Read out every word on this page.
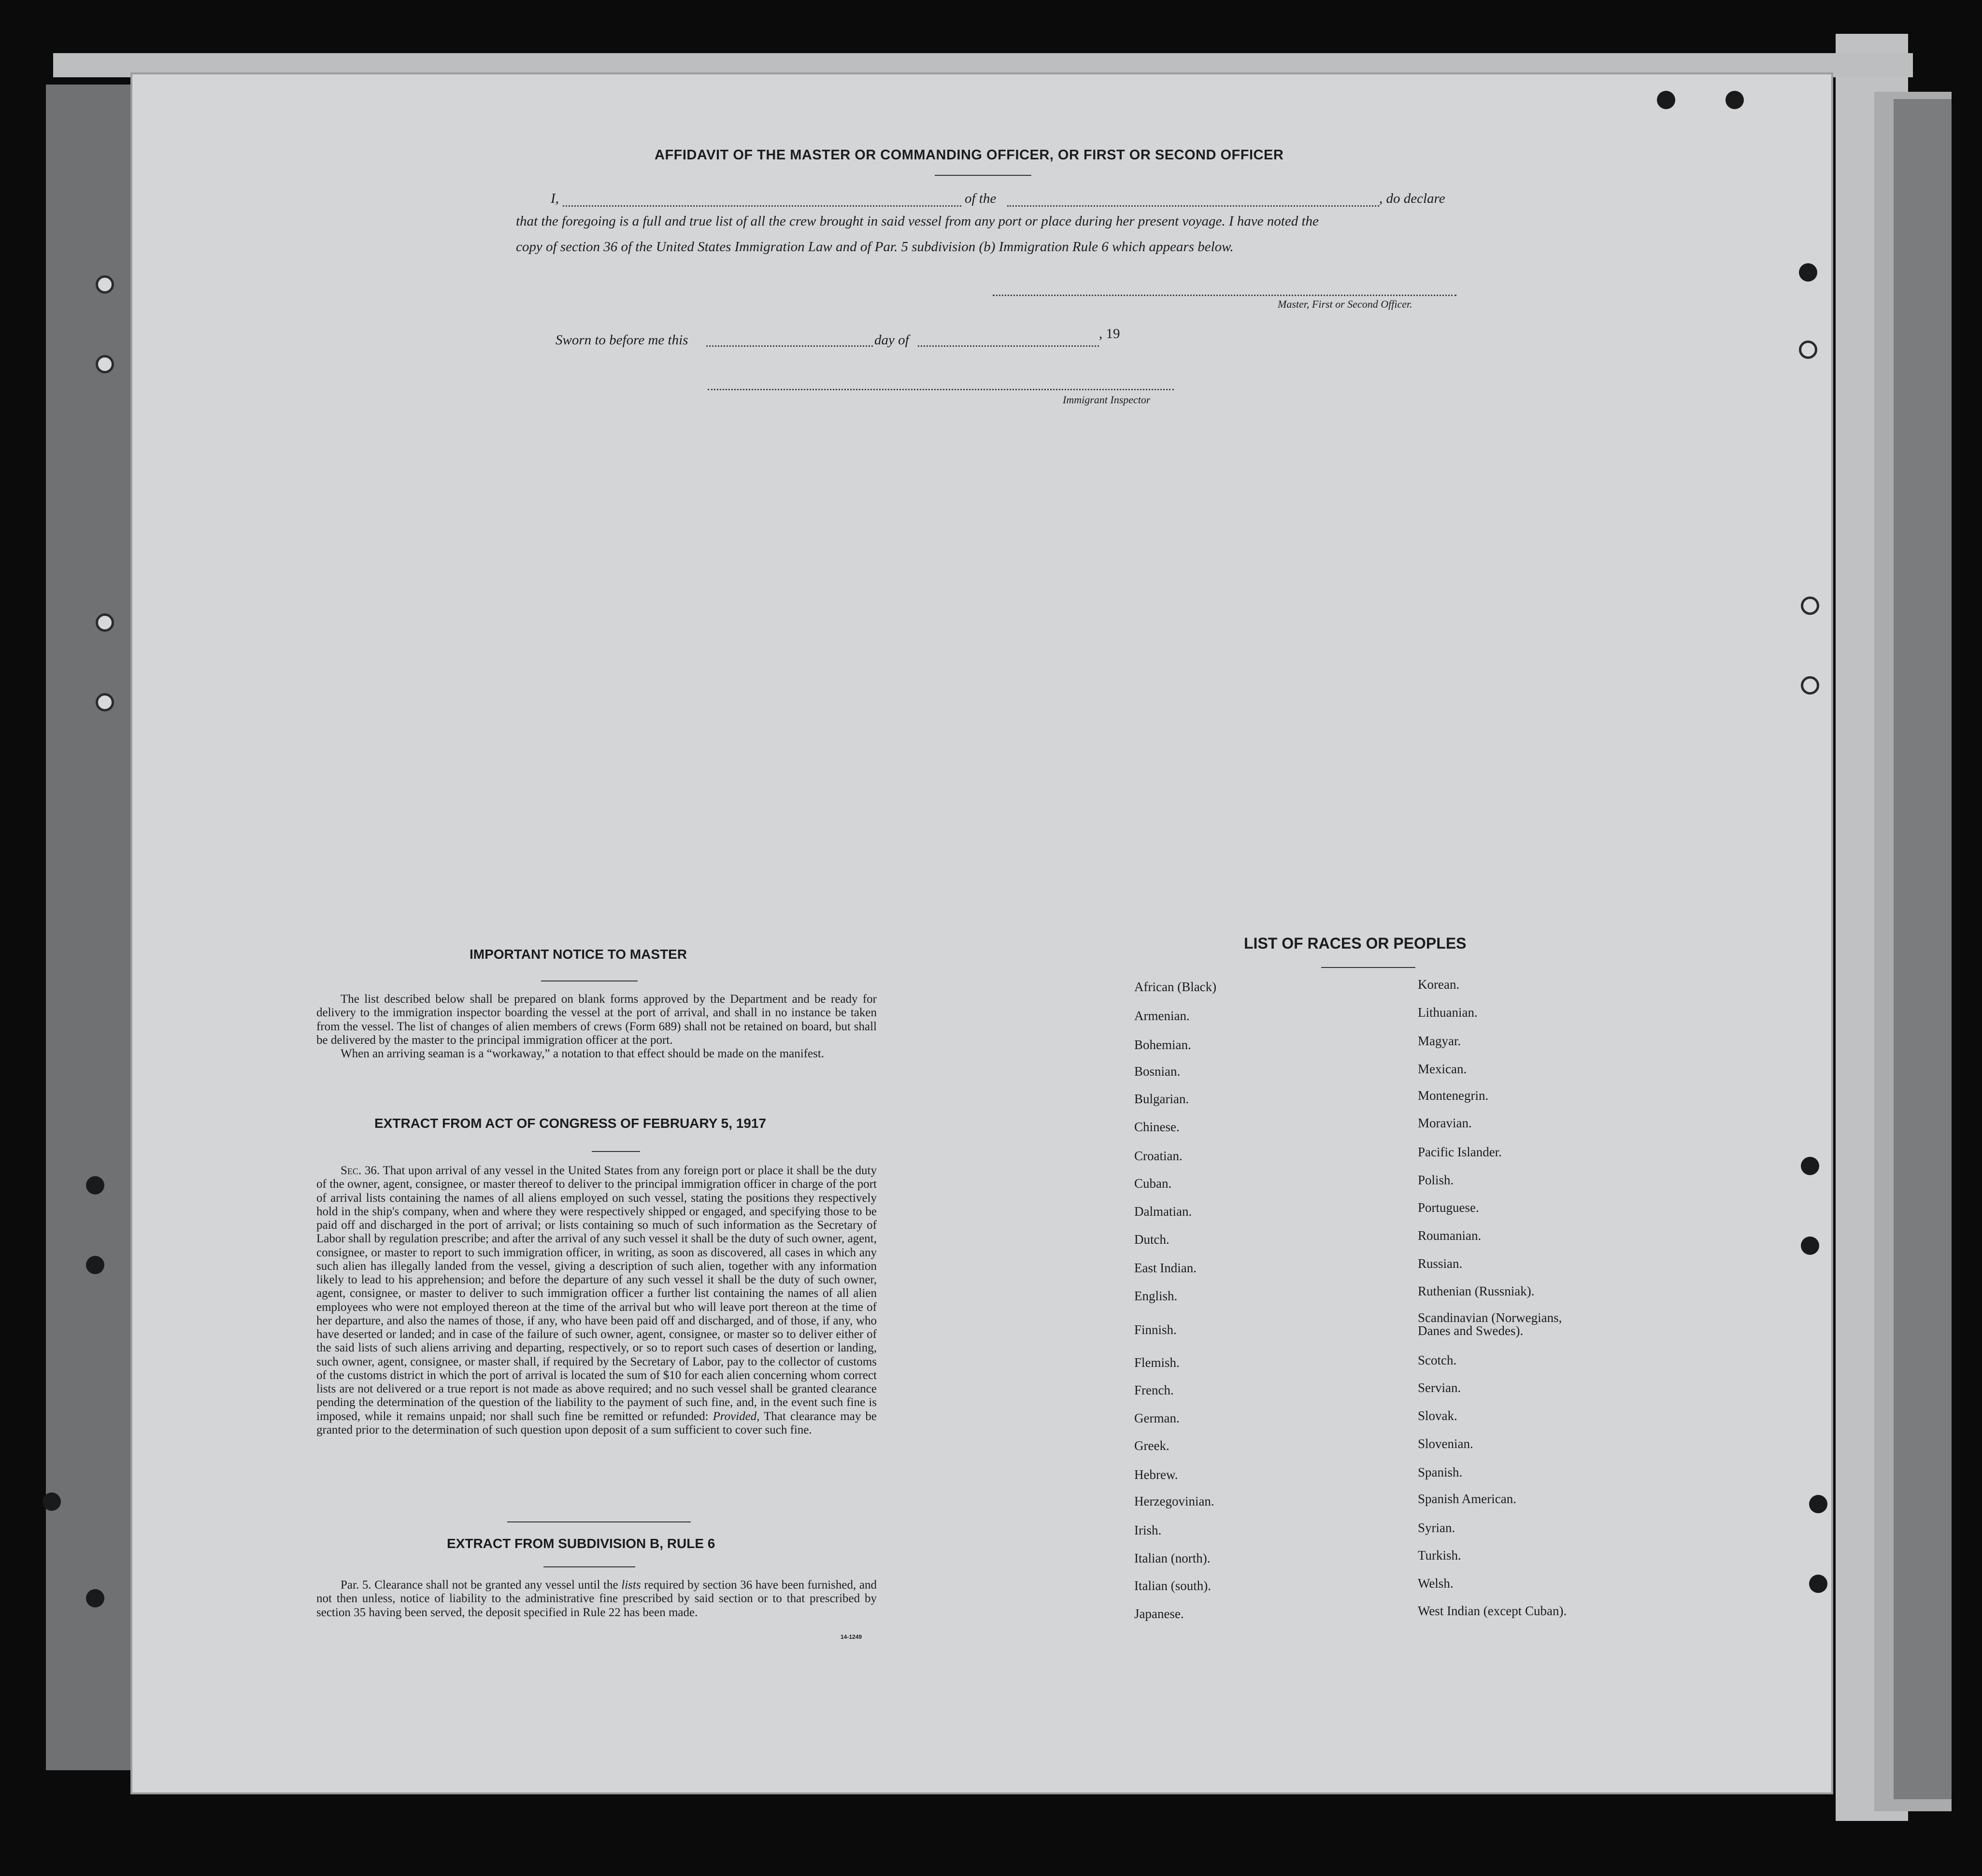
AFFIDAVIT OF THE MASTER OR COMMANDING OFFICER, OR FIRST OR SECOND OFFICER
I,	of the	, do declare
that the foregoing is a full and true list of all the crew brought in said vessel from any port or place during her present voyage. I have noted the
copy of section 36 of the United States Immigration Law and of Par. 5 subdivision (b) Immigration Rule 6 which appears below.
Master, First or Second Officer.
Sworn to before me this	day of	, 19
Immigrant Inspector
IMPORTANT NOTICE TO MASTER

The list described below shall be prepared on blank forms approved by the Department and be ready for delivery to the immigration inspector boarding the vessel at the port of arrival, and shall in no instance be taken from the vessel. The list of changes of alien members of crews (Form 689) shall not be retained on board, but shall be delivered by the master to the principal immigration officer at the port.

When an arriving seaman is a “workaway,” a notation to that effect should be made on the manifest.

EXTRACT FROM ACT OF CONGRESS OF FEBRUARY 5, 1917

Sec. 36. That upon arrival of any vessel in the United States from any foreign port or place it shall be the duty of the owner, agent, consignee, or master thereof to deliver to the principal immigration officer in charge of the port of arrival lists containing the names of all aliens employed on such vessel, stating the positions they respectively hold in the ship's company, when and where they were respectively shipped or engaged, and specifying those to be paid off and discharged in the port of arrival; or lists containing so much of such information as the Secretary of Labor shall by regulation prescribe; and after the arrival of any such vessel it shall be the duty of such owner, agent, consignee, or master to report to such immigration officer, in writing, as soon as discovered, all cases in which any such alien has illegally landed from the vessel, giving a description of such alien, together with any information likely to lead to his apprehension; and before the departure of any such vessel it shall be the duty of such owner, agent, consignee, or master to deliver to such immigration officer a further list containing the names of all alien employees who were not employed thereon at the time of the arrival but who will leave port thereon at the time of her departure, and also the names of those, if any, who have been paid off and discharged, and of those, if any, who have deserted or landed; and in case of the failure of such owner, agent, consignee, or master so to deliver either of the said lists of such aliens arriving and departing, respectively, or so to report such cases of desertion or landing, such owner, agent, consignee, or master shall, if required by the Secretary of Labor, pay to the collector of customs of the customs district in which the port of arrival is located the sum of $10 for each alien concerning whom correct lists are not delivered or a true report is not made as above required; and no such vessel shall be granted clearance pending the determination of the question of the liability to the payment of such fine, and, in the event such fine is imposed, while it remains unpaid; nor shall such fine be remitted or refunded: Provided, That clearance may be granted prior to the determination of such question upon deposit of a sum sufficient to cover such fine.

EXTRACT FROM SUBDIVISION B, RULE 6

Par. 5. Clearance shall not be granted any vessel until the lists required by section 36 have been furnished, and not then unless, notice of liability to the administrative fine prescribed by said section or to that prescribed by section 35 having been served, the deposit specified in Rule 22 has been made.

14-1249
LIST OF RACES OR PEOPLES
African (Black)
Armenian.
Bohemian.
Bosnian.
Bulgarian.
Chinese.
Croatian.
Cuban.
Dalmatian.
Dutch.
East Indian.
English.
Finnish.
Flemish.
French.
German.
Greek.
Hebrew.
Herzegovinian.
Irish.
Italian (north).
Italian (south).
Japanese.
Korean.
Lithuanian.
Magyar.
Mexican.
Montenegrin.
Moravian.
Pacific Islander.
Polish.
Portuguese.
Roumanian.
Russian.
Ruthenian (Russniak).
Scandinavian (Norwegians,
Danes and Swedes).
Scotch.
Servian.
Slovak.
Slovenian.
Spanish.
Spanish American.
Syrian.
Turkish.
Welsh.
West Indian (except Cuban).
